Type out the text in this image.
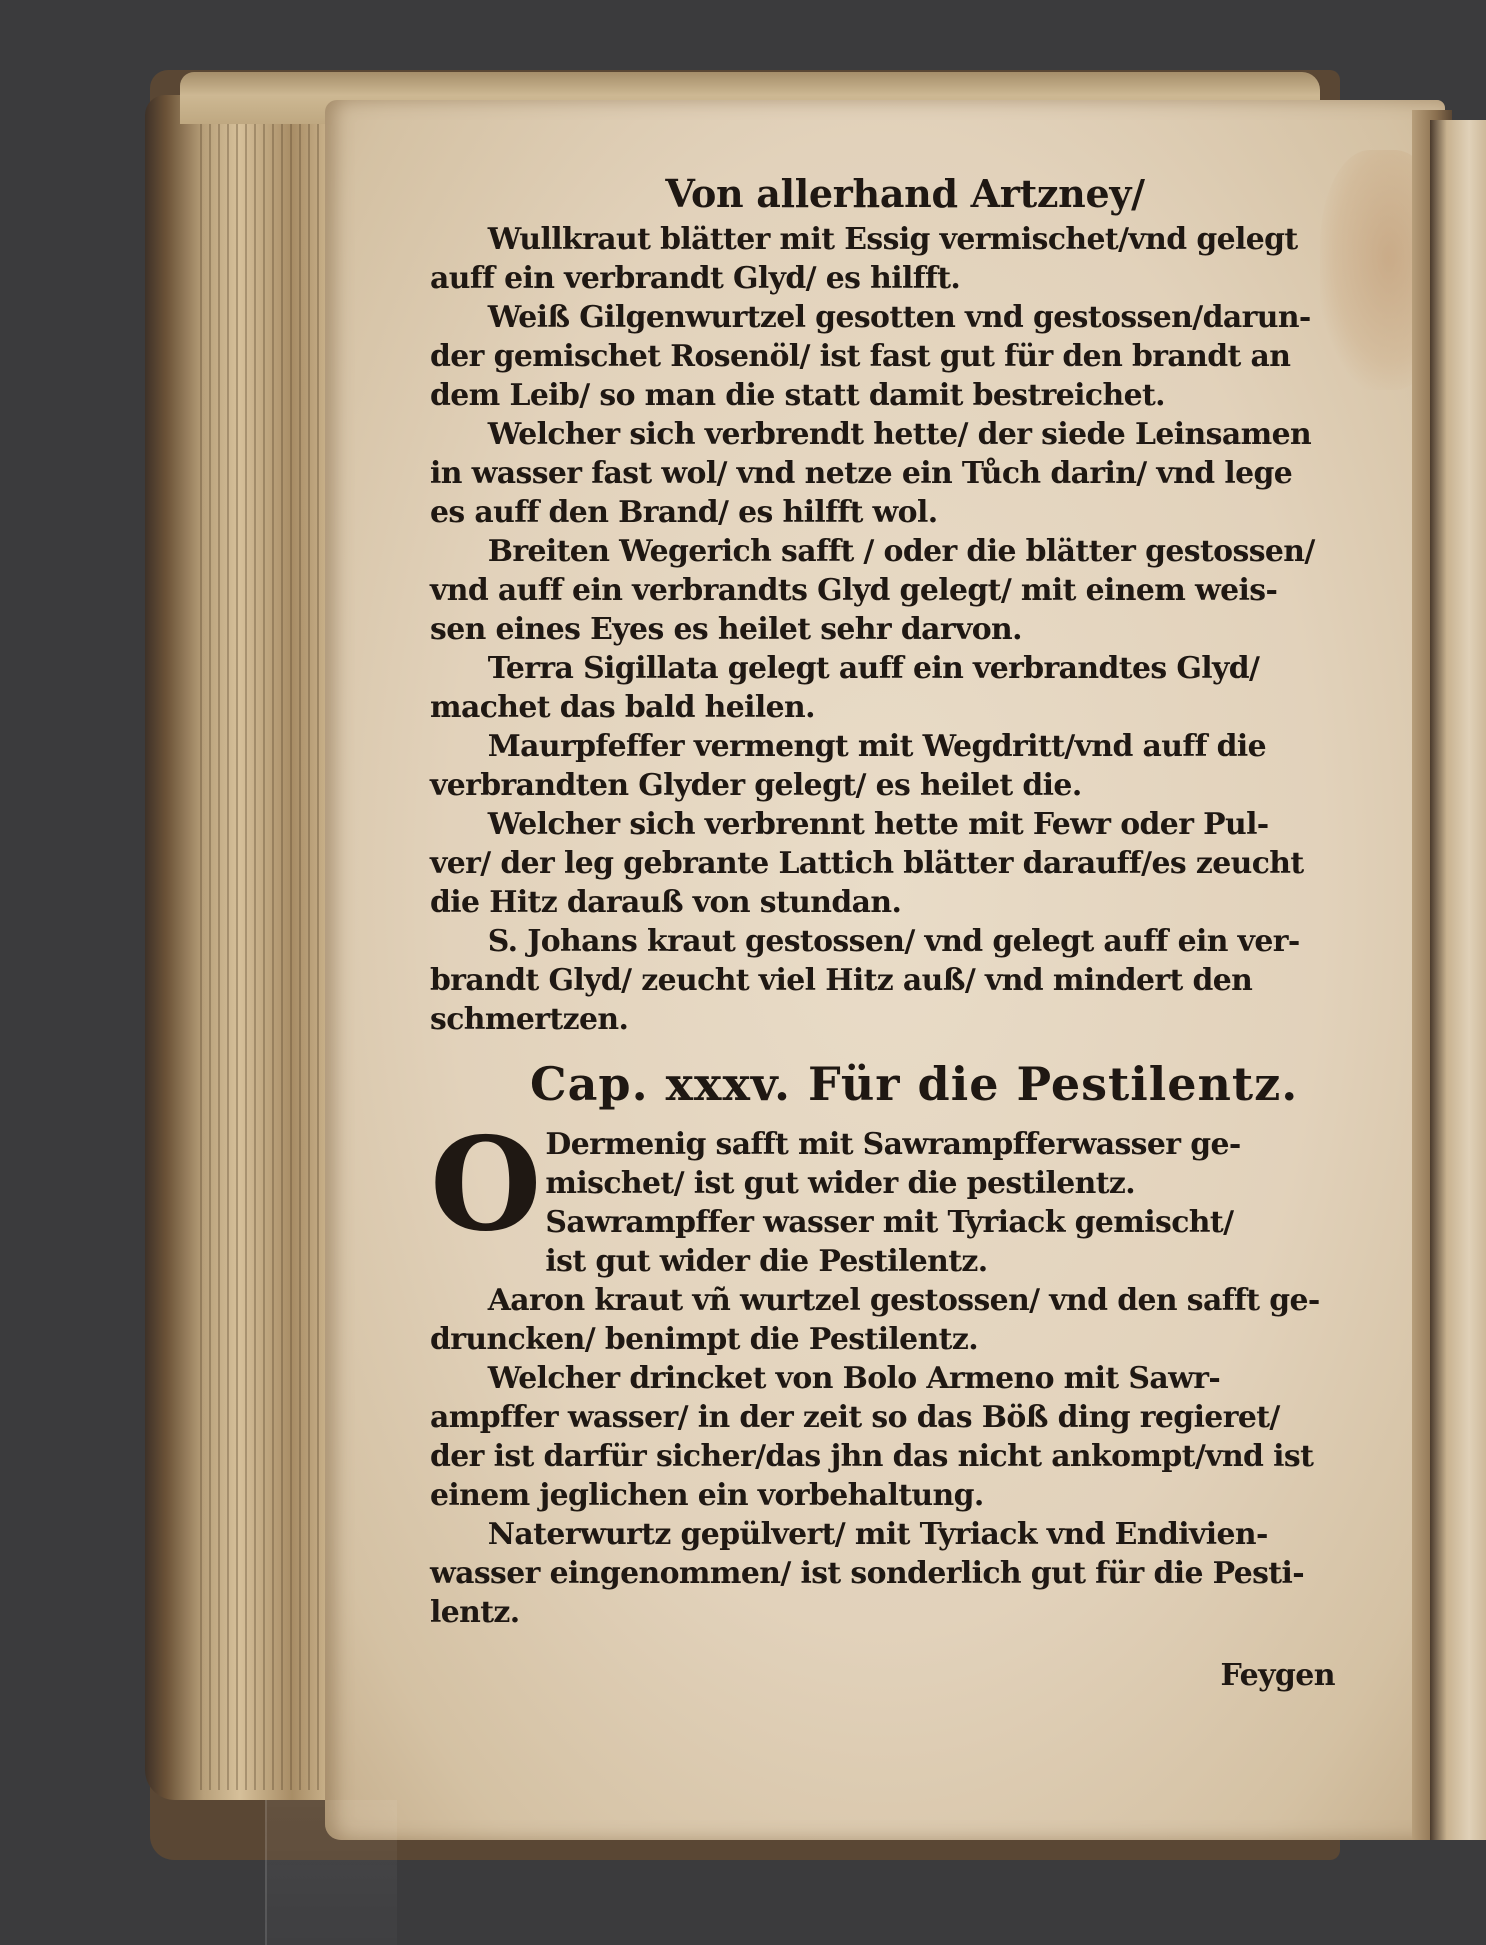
Von allerhand Artzney/
Wullkraut blätter mit Essig vermischet/vnd gelegt
auff ein verbrandt Glyd/ es hilfft.
Weiß Gilgenwurtzel gesotten vnd gestossen/darun-
der gemischet Rosenöl/ ist fast gut für den brandt an
dem Leib/ so man die statt damit bestreichet.
Welcher sich verbrendt hette/ der siede Leinsamen
in wasser fast wol/ vnd netze ein Tůch darin/ vnd lege
es auff den Brand/ es hilfft wol.
Breiten Wegerich safft / oder die blätter gestossen/
vnd auff ein verbrandts Glyd gelegt/ mit einem weis-
sen eines Eyes es heilet sehr darvon.
Terra Sigillata gelegt auff ein verbrandtes Glyd/
machet das bald heilen.
Maurpfeffer vermengt mit Wegdritt/vnd auff die
verbrandten Glyder gelegt/ es heilet die.
Welcher sich verbrennt hette mit Fewr oder Pul-
ver/ der leg gebrante Lattich blätter darauff/es zeucht
die Hitz darauß von stundan.
S. Johans kraut gestossen/ vnd gelegt auff ein ver-
brandt Glyd/ zeucht viel Hitz auß/ vnd mindert den
schmertzen.
Cap. xxxv. Für die Pestilentz.
O Dermenig safft mit Sawrampfferwasser ge-
mischet/ ist gut wider die pestilentz.
Sawrampffer wasser mit Tyriack gemischt/
ist gut wider die Pestilentz.
Aaron kraut vñ wurtzel gestossen/ vnd den safft ge-
druncken/ benimpt die Pestilentz.
Welcher drincket von Bolo Armeno mit Sawr-
ampffer wasser/ in der zeit so das Böß ding regieret/
der ist darfür sicher/das jhn das nicht ankompt/vnd ist
einem jeglichen ein vorbehaltung.
Naterwurtz gepülvert/ mit Tyriack vnd Endivien-
wasser eingenommen/ ist sonderlich gut für die Pesti-
lentz.
Feygen
